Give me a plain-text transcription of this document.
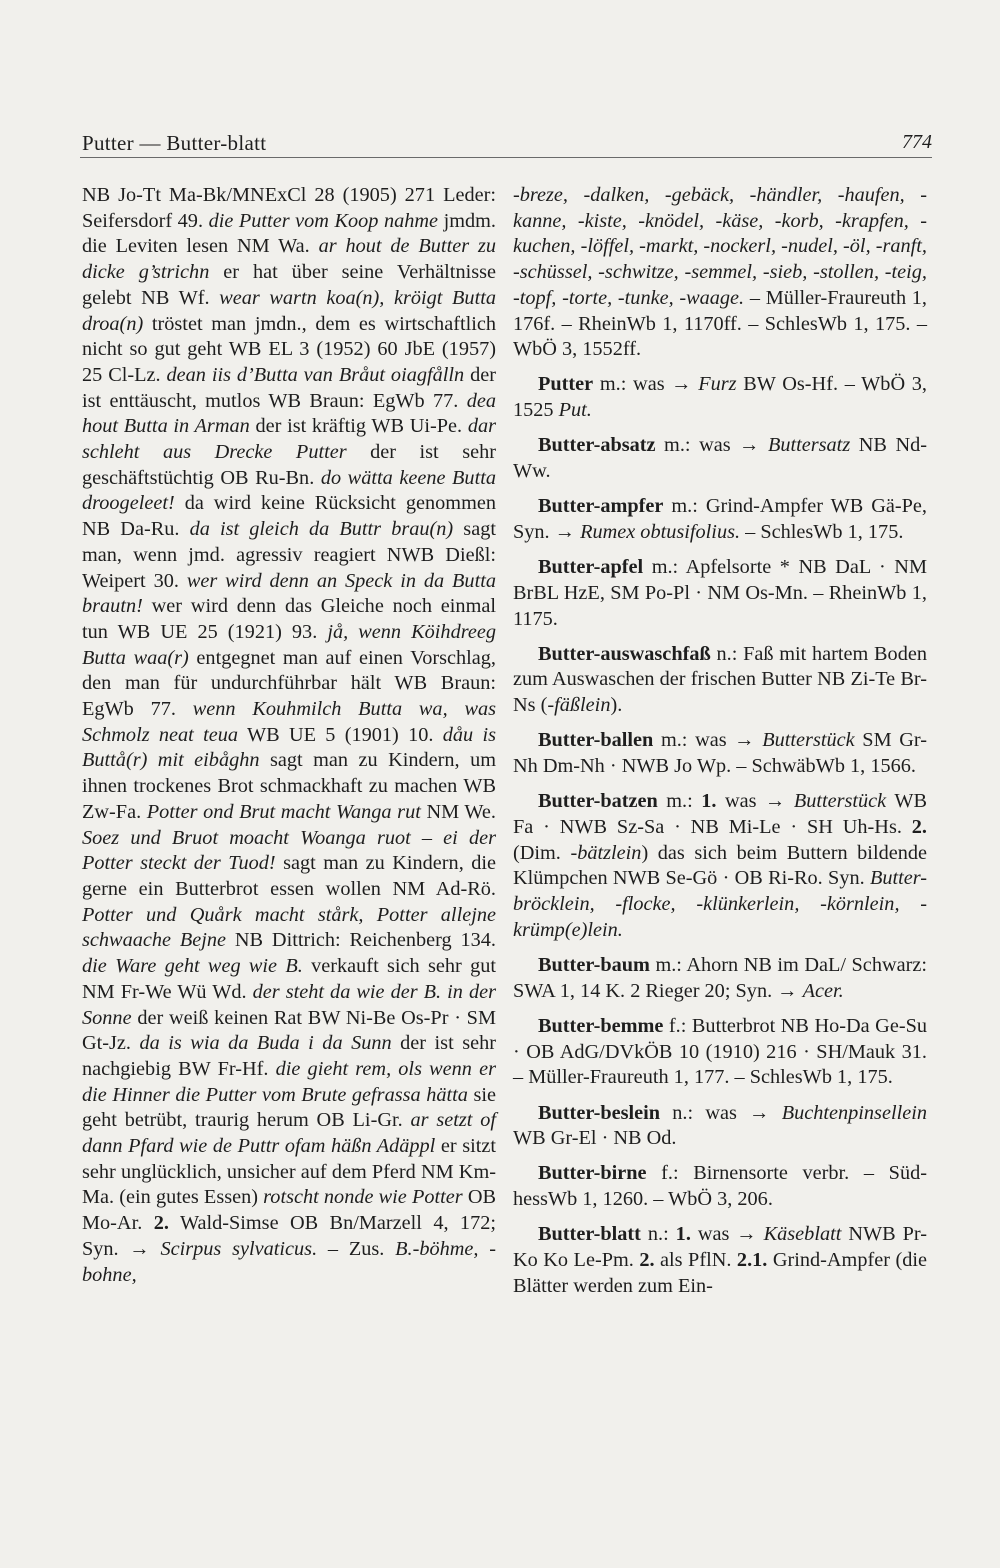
Putter — Butter-blatt	774

NB Jo-Tt Ma-Bk/MNExCl 28 (1905) 271 Leder: Seifersdorf 49. die Putter vom Koop nahme jmdm. die Leviten lesen NM Wa. ar hout de Butter zu dicke g’strichn er hat über seine Verhältnisse gelebt NB Wf. wear wartn koa(n), kröigt Butta droa(n) tröstet man jmdn., dem es wirtschaftlich nicht so gut geht WB EL 3 (1952) 60 JbE (1957) 25 Cl-Lz. dean iis d’Butta van Bråut oiagfålln der ist enttäuscht, mutlos WB Braun: EgWb 77. dea hout Butta in Arman der ist kräftig WB Ui-Pe. dar schleht aus Drecke Putter der ist sehr geschäftstüchtig OB Ru-Bn. do wätta keene Butta droogeleet! da wird keine Rücksicht genommen NB Da-Ru. da ist gleich da Buttr brau(n) sagt man, wenn jmd. agressiv reagiert NWB Dießl: Weipert 30. wer wird denn an Speck in da Butta brautn! wer wird denn das Gleiche noch einmal tun WB UE 25 (1921) 93. jå, wenn Köihdreeg Butta waa(r) entgegnet man auf einen Vorschlag, den man für undurchführbar hält WB Braun: EgWb 77. wenn Kouhmilch Butta wa, was Schmolz neat teua WB UE 5 (1901) 10. dåu is Buttå(r) mit eibåghn sagt man zu Kindern, um ihnen trockenes Brot schmackhaft zu machen WB Zw-Fa. Potter ond Brut macht Wanga rut NM We. Soez und Bruot moacht Woanga ruot – ei der Potter steckt der Tuod! sagt man zu Kindern, die gerne ein Butterbrot essen wollen NM Ad-Rö. Potter und Quårk macht stårk, Potter allejne schwaache Bejne NB Dittrich: Reichenberg 134. die Ware geht weg wie B. verkauft sich sehr gut NM Fr-We Wü Wd. der steht da wie der B. in der Sonne der weiß keinen Rat BW Ni-Be Os-Pr · SM Gt-Jz. da is wia da Buda i da Sunn der ist sehr nachgiebig BW Fr-Hf. die gieht rem, ols wenn er die Hinner die Putter vom Brute gefrassa hätta sie geht betrübt, traurig herum OB Li-Gr. ar setzt of dann Pfard wie de Puttr ofam häßn Adäppl er sitzt sehr unglücklich, unsicher auf dem Pferd NM Km-Ma. (ein gutes Essen) rotscht nonde wie Potter OB Mo-Ar. 2. Wald-Simse OB Bn/Marzell 4, 172; Syn. → Scirpus sylvaticus. – Zus. B.-böhme, -bohne,

-breze, -dalken, -gebäck, -händler, -haufen, -kanne, -kiste, -knödel, -käse, -korb, -krapfen, -kuchen, -löffel, -markt, -nockerl, -nudel, -öl, -ranft, -schüssel, -schwitze, -semmel, -sieb, -stollen, -teig, -topf, -torte, -tunke, -waage. – Müller-Fraureuth 1, 176f. – RheinWb 1, 1170ff. – SchlesWb 1, 175. – WbÖ 3, 1552ff.

Putter m.: was → Furz BW Os-Hf. – WbÖ 3, 1525 Put.

Butter-absatz m.: was → Buttersatz NB Nd-Ww.

Butter-ampfer m.: Grind-Ampfer WB Gä-Pe, Syn. → Rumex obtusifolius. – SchlesWb 1, 175.

Butter-apfel m.: Apfelsorte * NB DaL · NM BrBL HzE, SM Po-Pl · NM Os-Mn. – RheinWb 1, 1175.

Butter-auswaschfaß n.: Faß mit hartem Boden zum Auswaschen der frischen Butter NB Zi-Te Br-Ns (-fäßlein).

Butter-ballen m.: was → Butterstück SM Gr-Nh Dm-Nh · NWB Jo Wp. – SchwäbWb 1, 1566.

Butter-batzen m.: 1. was → Butterstück WB Fa · NWB Sz-Sa · NB Mi-Le · SH Uh-Hs. 2. (Dim. -bätzlein) das sich beim Buttern bildende Klümpchen NWB Se-Gö · OB Ri-Ro. Syn. Butter-bröcklein, -flocke, -klünkerlein, -körnlein, -krümp(e)lein.

Butter-baum m.: Ahorn NB im DaL/ Schwarz: SWA 1, 14 K. 2 Rieger 20; Syn. → Acer.

Butter-bemme f.: Butterbrot NB Ho-Da Ge-Su · OB AdG/DVkÖB 10 (1910) 216 · SH/Mauk 31. – Müller-Fraureuth 1, 177. – SchlesWb 1, 175.

Butter-beslein n.: was → Buchtenpinsellein WB Gr-El · NB Od.

Butter-birne f.: Birnensorte verbr. – SüdhessWb 1, 1260. – WbÖ 3, 206.

Butter-blatt n.: 1. was → Käseblatt NWB Pr-Ko Ko Le-Pm. 2. als PflN. 2.1. Grind-Ampfer (die Blätter werden zum Ein-
